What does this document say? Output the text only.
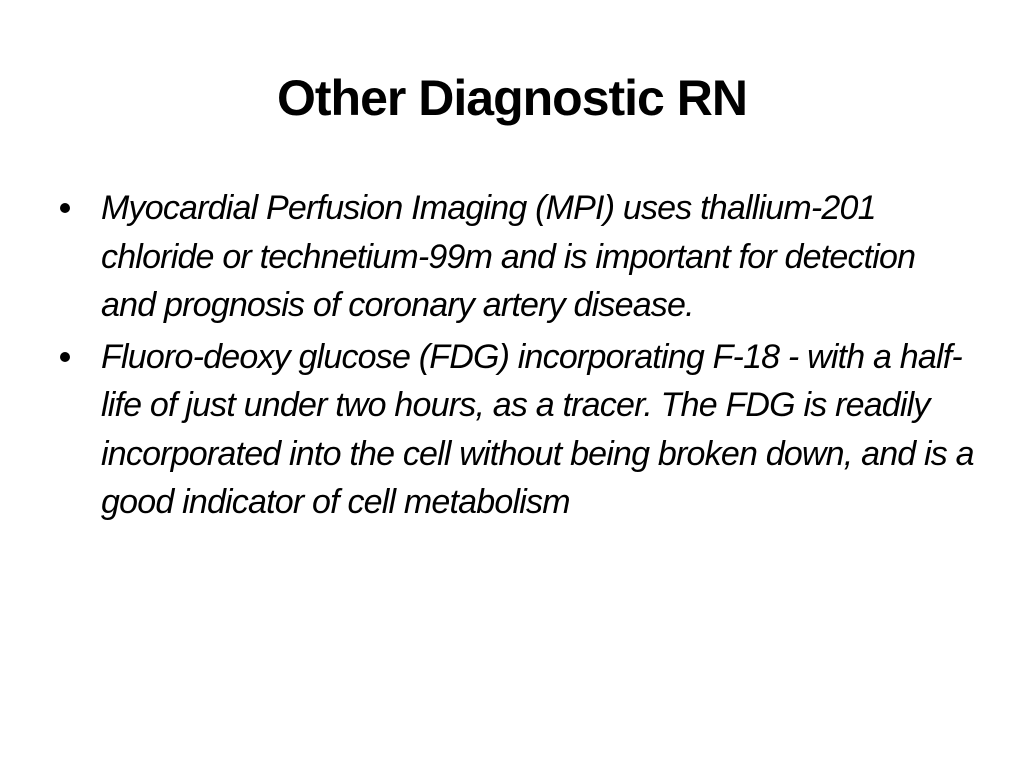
Other Diagnostic RN
Myocardial Perfusion Imaging (MPI) uses thallium-201 chloride or technetium-99m and is important for detection and prognosis of coronary artery disease.
Fluoro-deoxy glucose (FDG) incorporating F-18 - with a half-life of just under two hours, as a tracer. The FDG is readily incorporated into the cell without being broken down, and is a good indicator of cell metabolism
